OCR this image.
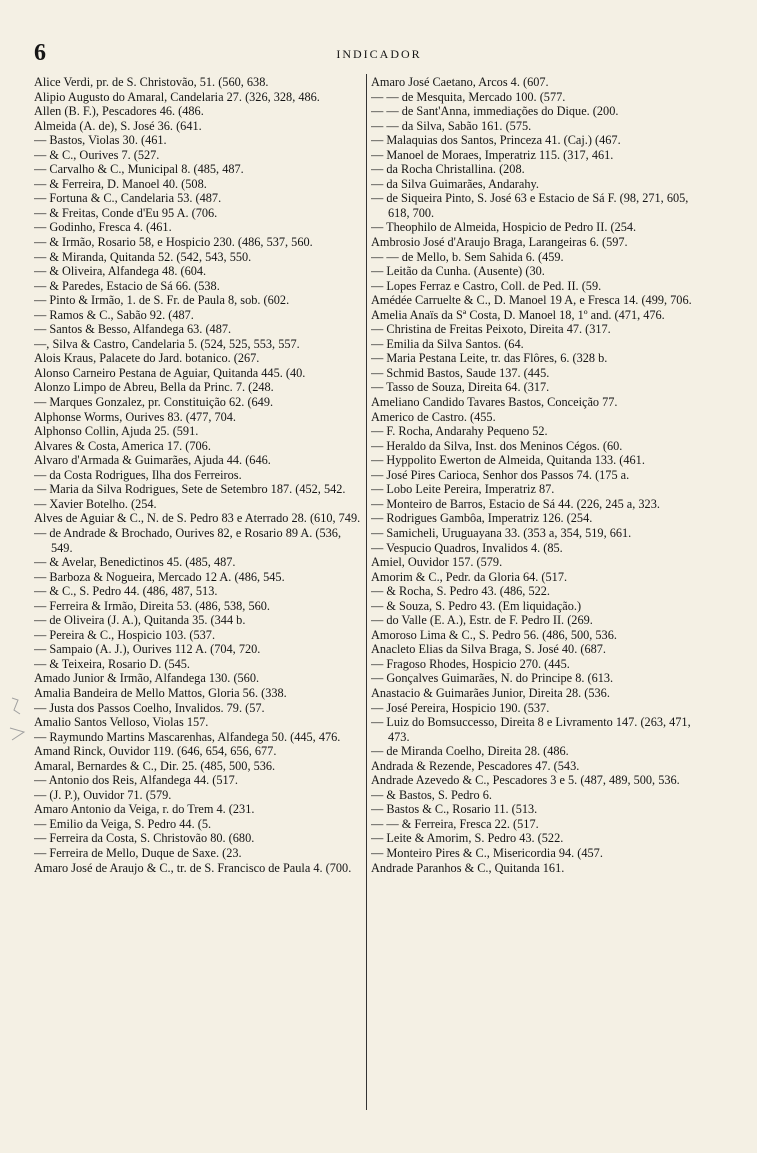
6	INDICADOR

Alice Verdi, pr. de S. Christovão, 51. (560, 638.

Alipio Augusto do Amaral, Candelaria 27. (326, 328, 486.

Allen (B. F.), Pescadores 46. (486.

Almeida (A. de), S. José 36. (641.

— Bastos, Violas 30. (461.

— & C., Ourives 7. (527.

— Carvalho & C., Municipal 8. (485, 487.

— & Ferreira, D. Manoel 40. (508.

— Fortuna & C., Candelaria 53. (487.

— & Freitas, Conde d'Eu 95 A. (706.

— Godinho, Fresca 4. (461.

— & Irmão, Rosario 58, e Hospicio 230. (486, 537, 560.

— & Miranda, Quitanda 52. (542, 543, 550.

— & Oliveira, Alfandega 48. (604.

— & Paredes, Estacio de Sá 66. (538.

— Pinto & Irmão, 1. de S. Fr. de Paula 8, sob. (602.

— Ramos & C., Sabão 92. (487.

— Santos & Besso, Alfandega 63. (487.

—, Silva & Castro, Candelaria 5. (524, 525, 553, 557.

Alois Kraus, Palacete do Jard. botanico. (267.

Alonso Carneiro Pestana de Aguiar, Quitanda 445. (40.

Alonzo Limpo de Abreu, Bella da Princ. 7. (248.

— Marques Gonzalez, pr. Constituição 62. (649.

Alphonse Worms, Ourives 83. (477, 704.

Alphonso Collin, Ajuda 25. (591.

Alvares & Costa, America 17. (706.

Alvaro d'Armada & Guimarães, Ajuda 44. (646.

— da Costa Rodrigues, Ilha dos Ferreiros.

— Maria da Silva Rodrigues, Sete de Setembro 187. (452, 542.

— Xavier Botelho. (254.

Alves de Aguiar & C., N. de S. Pedro 83 e Aterrado 28. (610, 749.

— de Andrade & Brochado, Ourives 82, e Rosario 89 A. (536, 549.

— & Avelar, Benedictinos 45. (485, 487.

— Barboza & Nogueira, Mercado 12 A. (486, 545.

— & C., S. Pedro 44. (486, 487, 513.

— Ferreira & Irmão, Direita 53. (486, 538, 560.

— de Oliveira (J. A.), Quitanda 35. (344 b.

— Pereira & C., Hospicio 103. (537.

— Sampaio (A. J.), Ourives 112 A. (704, 720.

— & Teixeira, Rosario D. (545.

Amado Junior & Irmão, Alfandega 130. (560.

Amalia Bandeira de Mello Mattos, Gloria 56. (338.

— Justa dos Passos Coelho, Invalidos. 79. (57.

Amalio Santos Velloso, Violas 157.

— Raymundo Martins Mascarenhas, Alfandega 50. (445, 476.

Amand Rinck, Ouvidor 119. (646, 654, 656, 677.

Amaral, Bernardes & C., Dir. 25. (485, 500, 536.

— Antonio dos Reis, Alfandega 44. (517.

— (J. P.), Ouvidor 71. (579.

Amaro Antonio da Veiga, r. do Trem 4. (231.

— Emilio da Veiga, S. Pedro 44. (5.

— Ferreira da Costa, S. Christovão 80. (680.

— Ferreira de Mello, Duque de Saxe. (23.

Amaro José de Araujo & C., tr. de S. Francisco de Paula 4. (700.

Amaro José Caetano, Arcos 4. (607.

— — de Mesquita, Mercado 100. (577.

— — de Sant'Anna, immediações do Dique. (200.

— — da Silva, Sabão 161. (575.

— Malaquias dos Santos, Princeza 41. (Caj.) (467.

— Manoel de Moraes, Imperatriz 115. (317, 461.

— da Rocha Christallina. (208.

— da Silva Guimarães, Andarahy.

— de Siqueira Pinto, S. José 63 e Estacio de Sá F. (98, 271, 605, 618, 700.

— Theophilo de Almeida, Hospicio de Pedro II. (254.

Ambrosio José d'Araujo Braga, Larangeiras 6. (597.

— — de Mello, b. Sem Sahida 6. (459.

— Leitão da Cunha. (Ausente) (30.

— Lopes Ferraz e Castro, Coll. de Ped. II. (59.

Amédée Carruelte & C., D. Manoel 19 A, e Fresca 14. (499, 706.

Amelia Anaïs da Sª Costa, D. Manoel 18, 1º and. (471, 476.

— Christina de Freitas Peixoto, Direita 47. (317.

— Emilia da Silva Santos. (64.

— Maria Pestana Leite, tr. das Flôres, 6. (328 b.

— Schmid Bastos, Saude 137. (445.

— Tasso de Souza, Direita 64. (317.

Ameliano Candido Tavares Bastos, Conceição 77.

Americo de Castro. (455.

— F. Rocha, Andarahy Pequeno 52.

— Heraldo da Silva, Inst. dos Meninos Cégos. (60.

— Hyppolito Ewerton de Almeida, Quitanda 133. (461.

— José Pires Carioca, Senhor dos Passos 74. (175 a.

— Lobo Leite Pereira, Imperatriz 87.

— Monteiro de Barros, Estacio de Sá 44. (226, 245 a, 323.

— Rodrigues Gambôa, Imperatriz 126. (254.

— Samicheli, Uruguayana 33. (353 a, 354, 519, 661.

— Vespucio Quadros, Invalidos 4. (85.

Amiel, Ouvidor 157. (579.

Amorim & C., Pedr. da Gloria 64. (517.

— & Rocha, S. Pedro 43. (486, 522.

— & Souza, S. Pedro 43. (Em liquidação.)

— do Valle (E. A.), Estr. de F. Pedro II. (269.

Amoroso Lima & C., S. Pedro 56. (486, 500, 536.

Anacleto Elias da Silva Braga, S. José 40. (687.

— Fragoso Rhodes, Hospicio 270. (445.

— Gonçalves Guimarães, N. do Principe 8. (613.

Anastacio & Guimarães Junior, Direita 28. (536.

— José Pereira, Hospicio 190. (537.

— Luiz do Bomsuccesso, Direita 8 e Livramento 147. (263, 471, 473.

— de Miranda Coelho, Direita 28. (486.

Andrada & Rezende, Pescadores 47. (543.

Andrade Azevedo & C., Pescadores 3 e 5. (487, 489, 500, 536.

— & Bastos, S. Pedro 6.

— Bastos & C., Rosario 11. (513.

— — & Ferreira, Fresca 22. (517.

— Leite & Amorim, S. Pedro 43. (522.

— Monteiro Pires & C., Misericordia 94. (457.

Andrade Paranhos & C., Quitanda 161.
